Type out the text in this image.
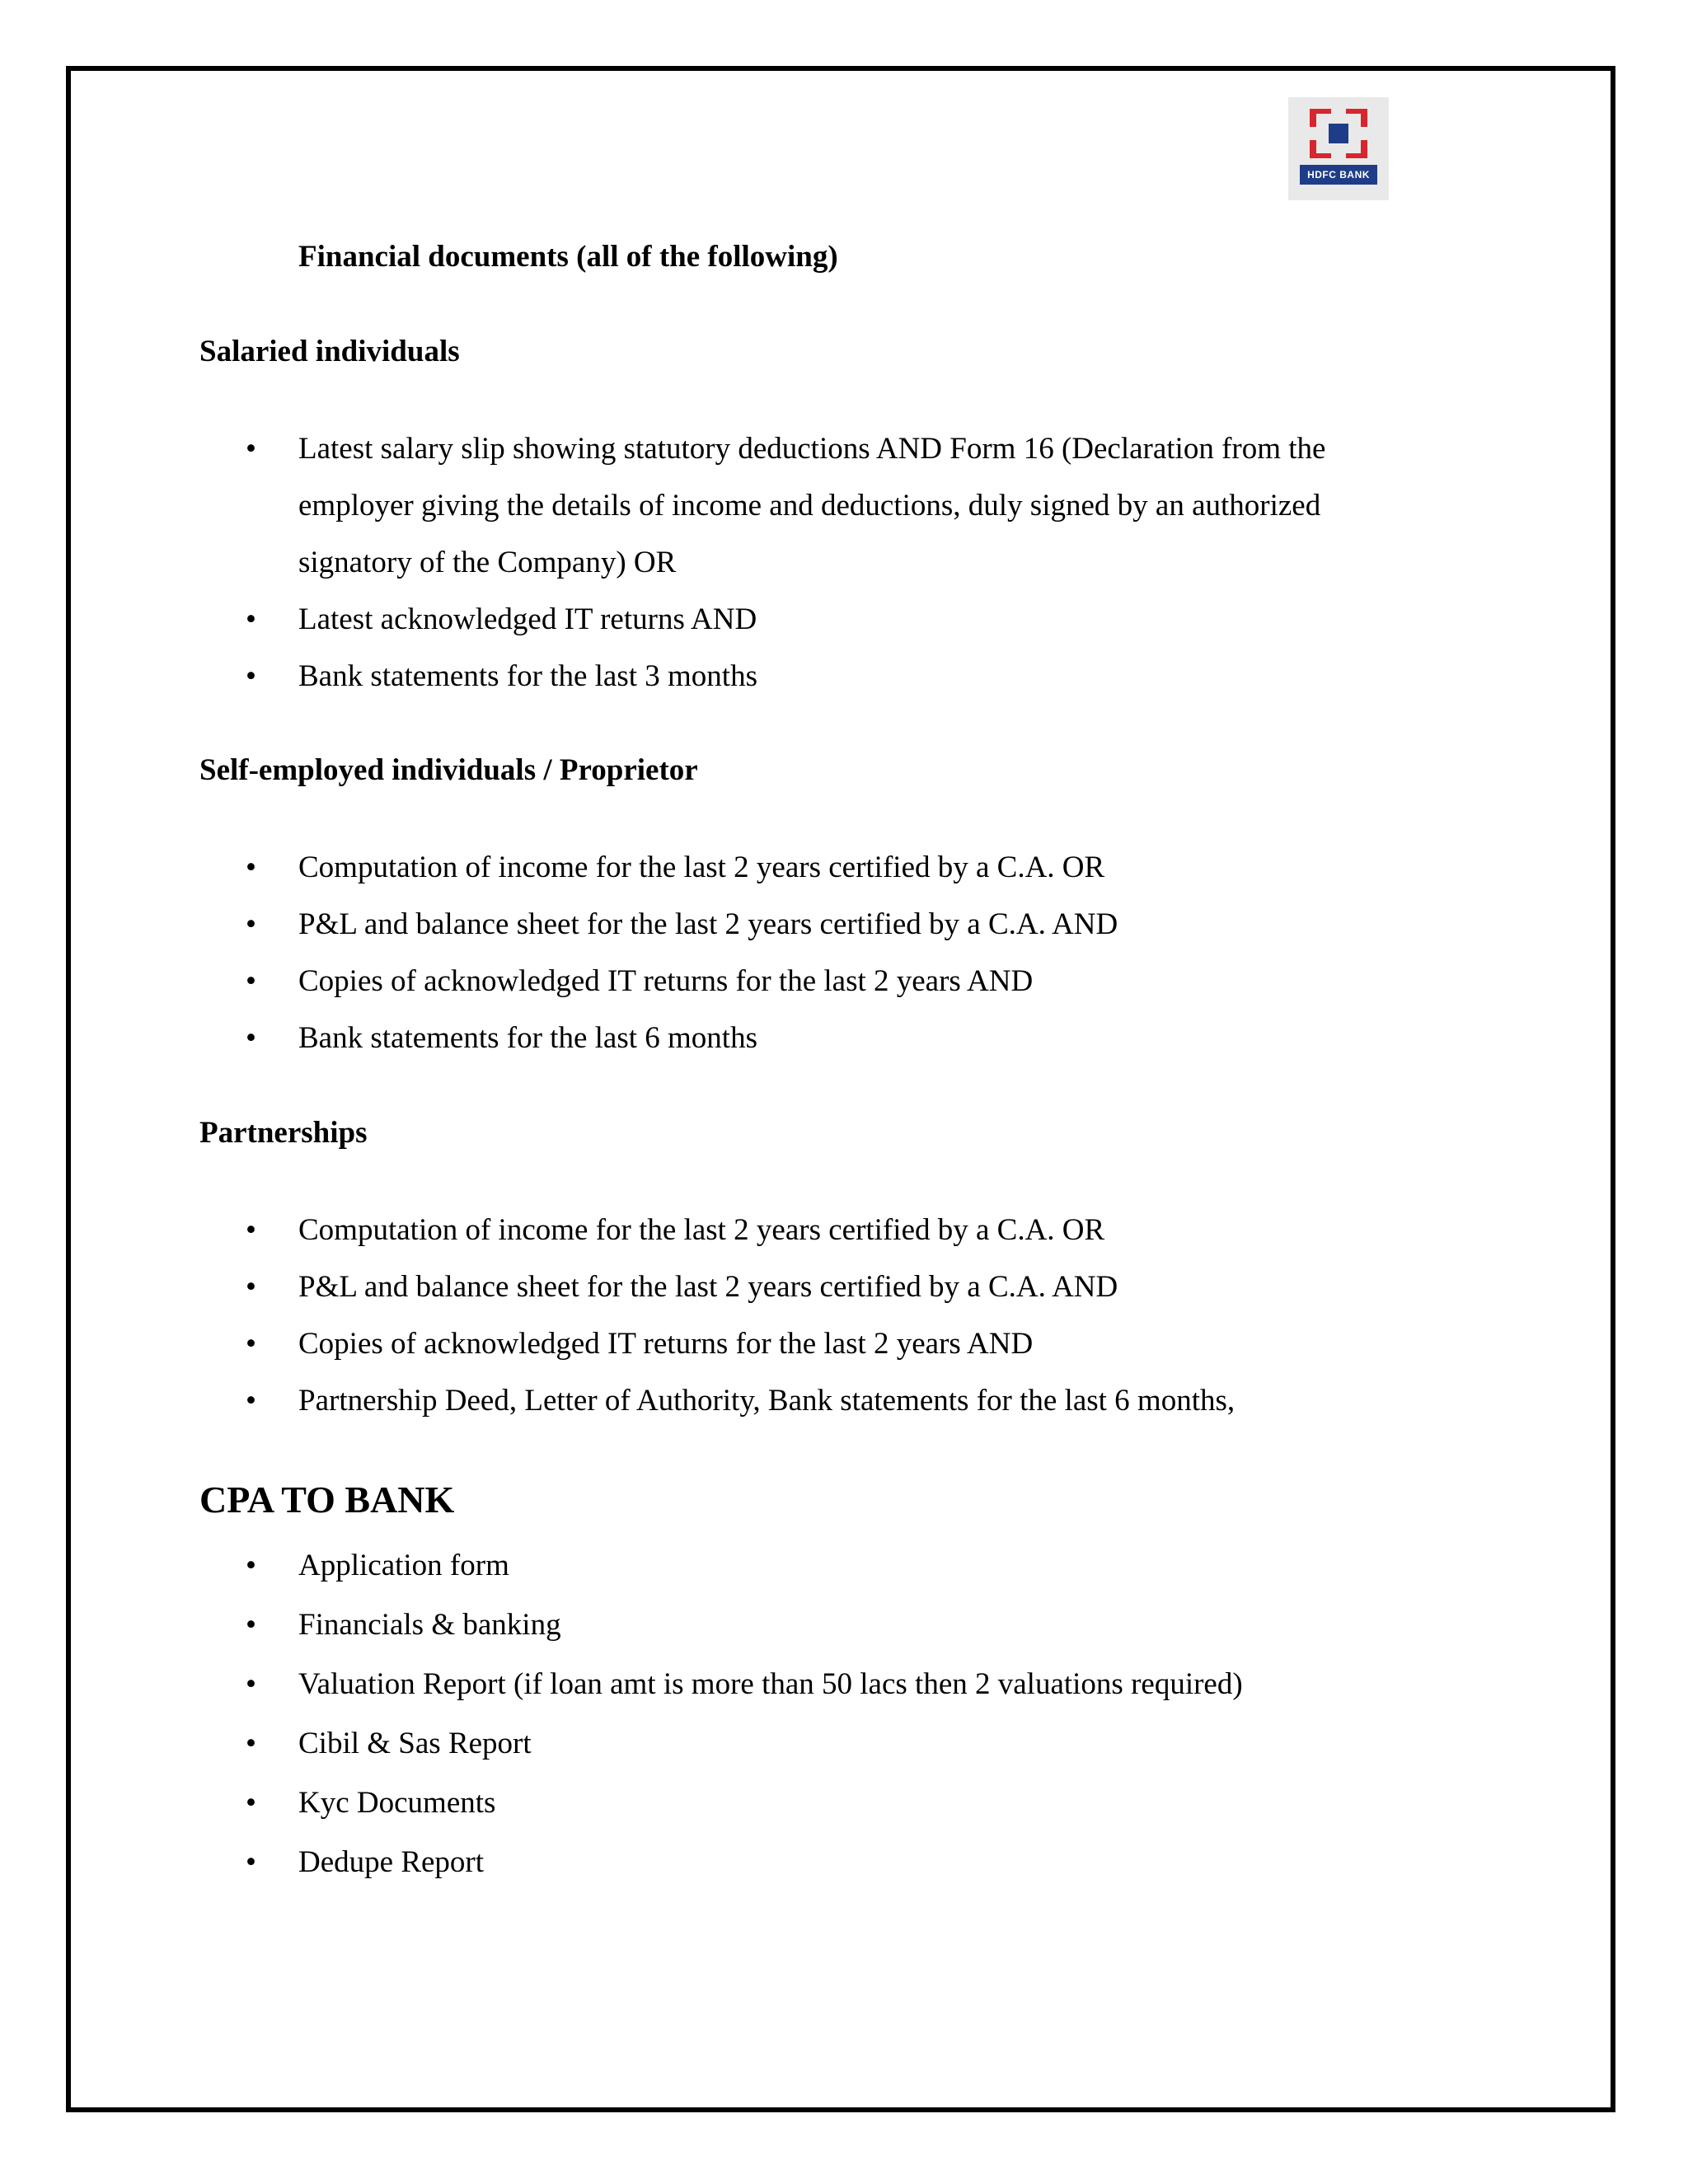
HDFC BANK
Financial documents (all of the following)
Salaried individuals
• Latest salary slip showing statutory deductions AND Form 16 (Declaration from the
employer giving the details of income and deductions, duly signed by an authorized
signatory of the Company) OR
• Latest acknowledged IT returns AND
• Bank statements for the last 3 months
Self-employed individuals / Proprietor
• Computation of income for the last 2 years certified by a C.A. OR
• P&L and balance sheet for the last 2 years certified by a C.A. AND
• Copies of acknowledged IT returns for the last 2 years AND
• Bank statements for the last 6 months
Partnerships
• Computation of income for the last 2 years certified by a C.A. OR
• P&L and balance sheet for the last 2 years certified by a C.A. AND
• Copies of acknowledged IT returns for the last 2 years AND
• Partnership Deed, Letter of Authority, Bank statements for the last 6 months,
CPA TO BANK
• Application form
• Financials & banking
• Valuation Report (if loan amt is more than 50 lacs then 2 valuations required)
• Cibil & Sas Report
• Kyc Documents
• Dedupe Report
